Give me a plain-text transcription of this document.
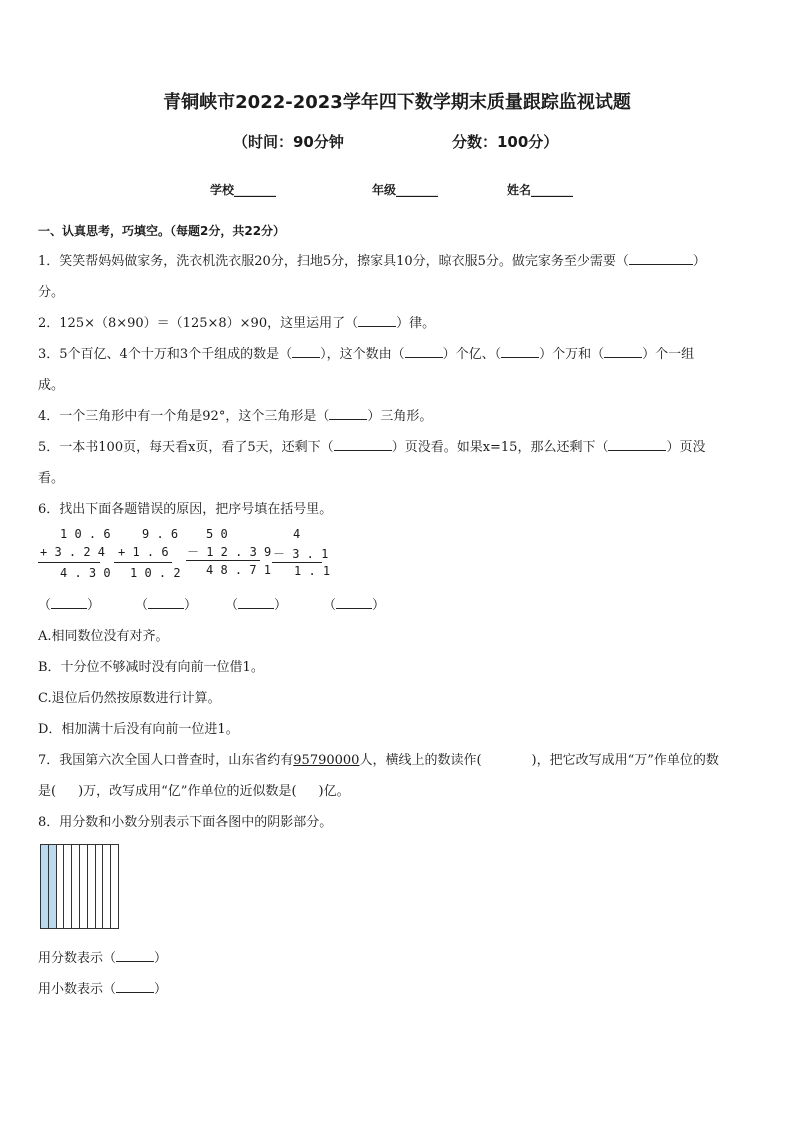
青铜峡市2022-2023学年四下数学期末质量跟踪监视试题
（时间：90分钟	分数：100分）
学校_______	年级_______	姓名_______
一、认真思考，巧填空。（每题2分，共22分）
1．笑笑帮妈妈做家务，洗衣机洗衣服20分，扫地5分，擦家具10分，晾衣服5分。做完家务至少需要（	）
分。
2．125×（8×90）＝（125×8）×90，这里运用了（	）律。
3．5个百亿、4个十万和3个千组成的数是（ ），这个数由（	）个亿、（	）个万和（	）个一组
成。
4．一个三角形中有一个角是92°，这个三角形是（	）三角形。
5．一本书100页，每天看x页，看了5天，还剩下（	）页没看。如果x=15，那么还剩下（	）页没
看。
6．找出下面各题错误的原因，把序号填在括号里。
1 0 . 6
+ 3 . 2 4
4 . 3 0
9 . 6
+ 1 . 6
1 0 . 2
5 0
－ 1 2 . 3 9
4 8 . 7 1
4
－ 3 . 1
1 . 1
（	）	（	） （	）	（	）
A.相同数位没有对齐。
B．十分位不够减时没有向前一位借1。
C.退位后仍然按原数进行计算。
D．相加满十后没有向前一位进1。
7．我国第六次全国人口普查时，山东省约有95790000人，横线上的数读作(	)，把它改写成用“万”作单位的数
是( )万，改写成用“亿”作单位的近似数是( )亿。
8．用分数和小数分别表示下面各图中的阴影部分。
用分数表示（	）
用小数表示（	）
